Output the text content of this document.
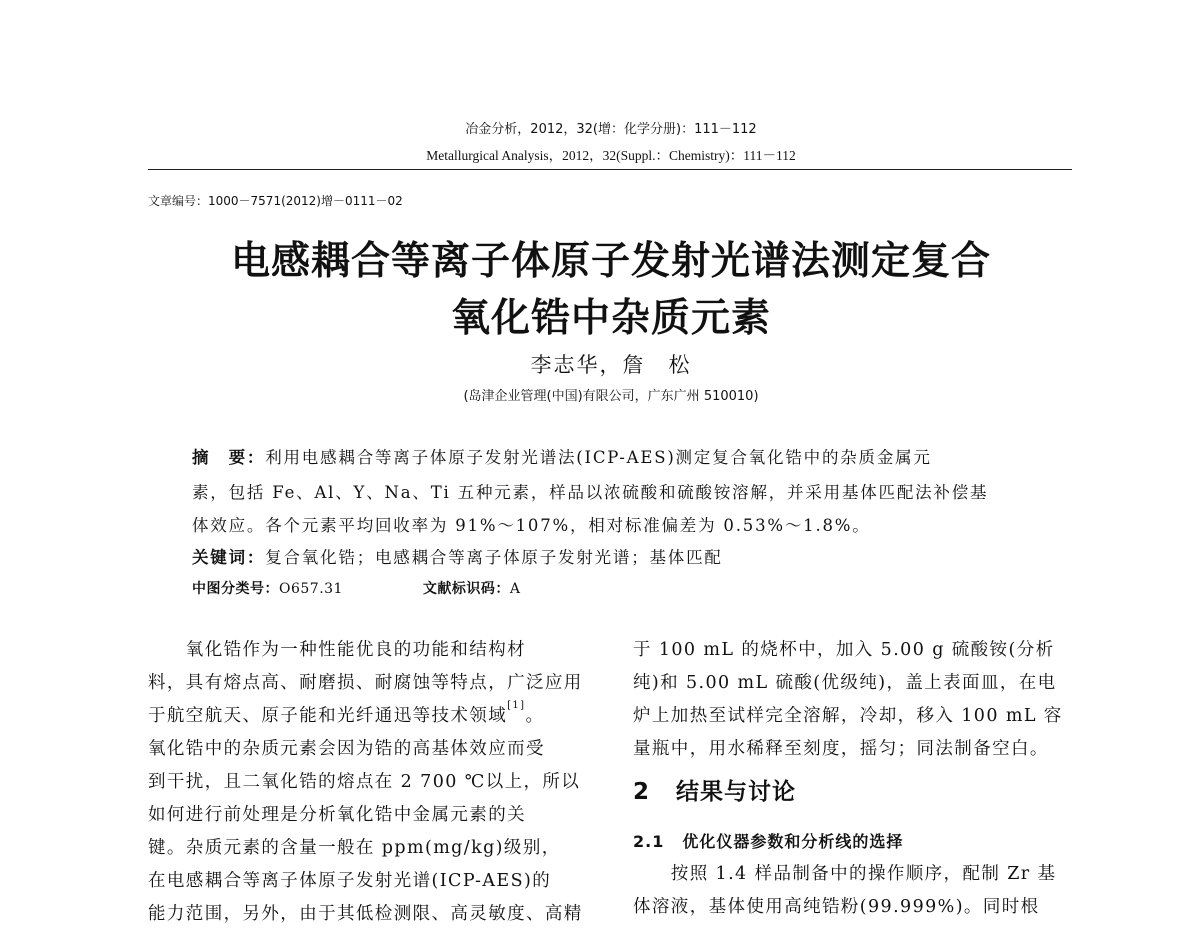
冶金分析，2012，32(增：化学分册)：111－112
Metallurgical Analysis，2012，32(Suppl.：Chemistry)：111－112
文章编号：1000－7571(2012)增－0111－02
电感耦合等离子体原子发射光谱法测定复合
氧化锆中杂质元素
李志华，詹　松
(岛津企业管理(中国)有限公司，广东广州 510010)
摘　要：利用电感耦合等离子体原子发射光谱法(ICP-AES)测定复合氧化锆中的杂质金属元
素，包括 Fe、Al、Y、Na、Ti 五种元素，样品以浓硫酸和硫酸铵溶解，并采用基体匹配法补偿基
体效应。各个元素平均回收率为 91%～107%，相对标准偏差为 0.53%～1.8%。
关键词：复合氧化锆；电感耦合等离子体原子发射光谱；基体匹配
中图分类号：O657.31	文献标识码：A
　　氧化锆作为一种性能优良的功能和结构材
料，具有熔点高、耐磨损、耐腐蚀等特点，广泛应用
于航空航天、原子能和光纤通迅等技术领域[1]。
氧化锆中的杂质元素会因为锆的高基体效应而受
到干扰，且二氧化锆的熔点在 2 700 ℃以上，所以
如何进行前处理是分析氧化锆中金属元素的关
键。杂质元素的含量一般在 ppm(mg/kg)级别，
在电感耦合等离子体原子发射光谱(ICP-AES)的
能力范围，另外，由于其低检测限、高灵敏度、高精
于 100 mL 的烧杯中，加入 5.00 g 硫酸铵(分析
纯)和 5.00 mL 硫酸(优级纯)，盖上表面皿，在电
炉上加热至试样完全溶解，冷却，移入 100 mL 容
量瓶中，用水稀释至刻度，摇匀；同法制备空白。
2 结果与讨论
2.1 优化仪器参数和分析线的选择
　　按照 1.4 样品制备中的操作顺序，配制 Zr 基
体溶液，基体使用高纯锆粉(99.999%)。同时根
